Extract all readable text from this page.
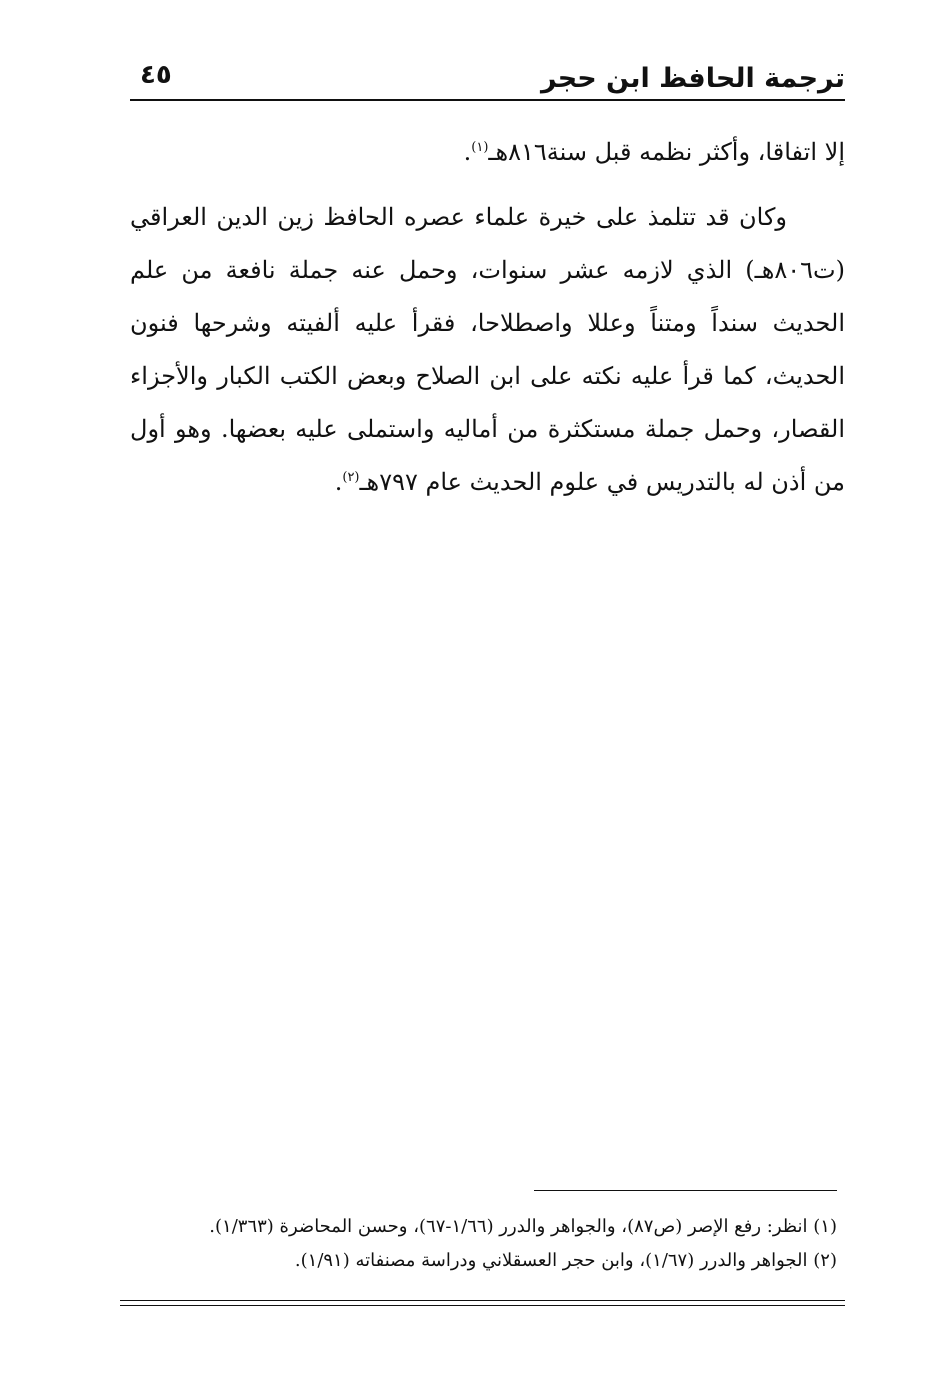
ترجمة الحافظ ابن حجر
٤٥

إلا اتفاقا، وأكثر نظمه قبل سنة٨١٦هـ$^{(١)}$.

وكان قد تتلمذ على خيرة علماء عصره الحافظ زين الدين العراقي (ت٨٠٦هـ) الذي لازمه عشر سنوات، وحمل عنه جملة نافعة من علم الحديث سنداً ومتناً وعللا واصطلاحا، فقرأ عليه ألفيته وشرحها فنون الحديث، كما قرأ عليه نكته على ابن الصلاح وبعض الكتب الكبار والأجزاء القصار، وحمل جملة مستكثرة من أماليه واستملى عليه بعضها. وهو أول من أذن له بالتدريس في علوم الحديث عام ٧٩٧هـ$^{(٢)}$.

(١) انظر: رفع الإصر (ص٨٧)، والجواهر والدرر (١/٦٦-٦٧)، وحسن المحاضرة (١/٣٦٣).

(٢) الجواهر والدرر (١/٦٧)، وابن حجر العسقلاني ودراسة مصنفاته (١/٩١).
